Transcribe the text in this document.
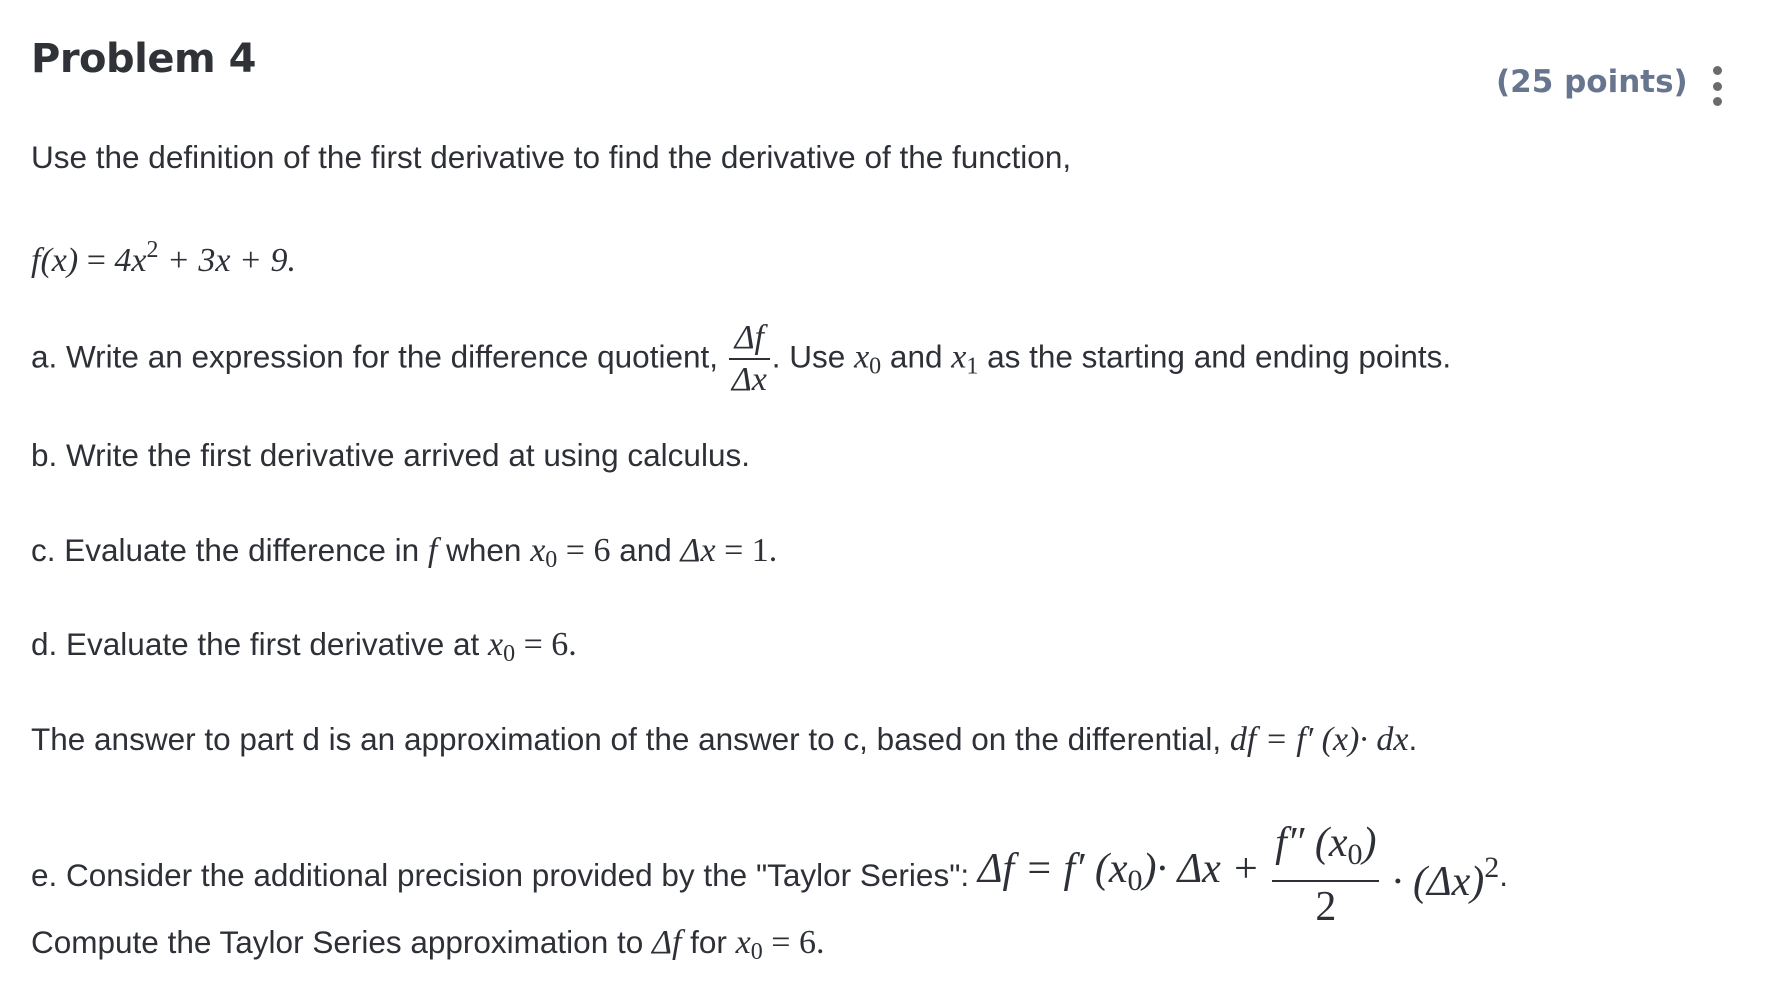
Problem 4	(25 points)
Use the definition of the first derivative to find the derivative of the function,
$f(x) = 4x^2 + 3x + 9$.
a. Write an expression for the difference quotient, $\frac{\Delta f}{\Delta x}$ . Use $x_0$ and $x_1$ as the starting and ending points.
b. Write the first derivative arrived at using calculus.
c. Evaluate the difference in f when $x_0 = 6$ and Δx = 1.
d. Evaluate the first derivative at $x_0 = 6$.
The answer to part d is an approximation of the answer to c, based on the differential, df = f′ (x)· dx.
e. Consider the additional precision provided by the "Taylor Series": Δf = f′ $(x0)\cdot \Delta x + \frac{f'' (x0)}{2} \cdot (\Delta x)^2$.
Compute the Taylor Series approximation to Δf for $x_0 = 6$.
